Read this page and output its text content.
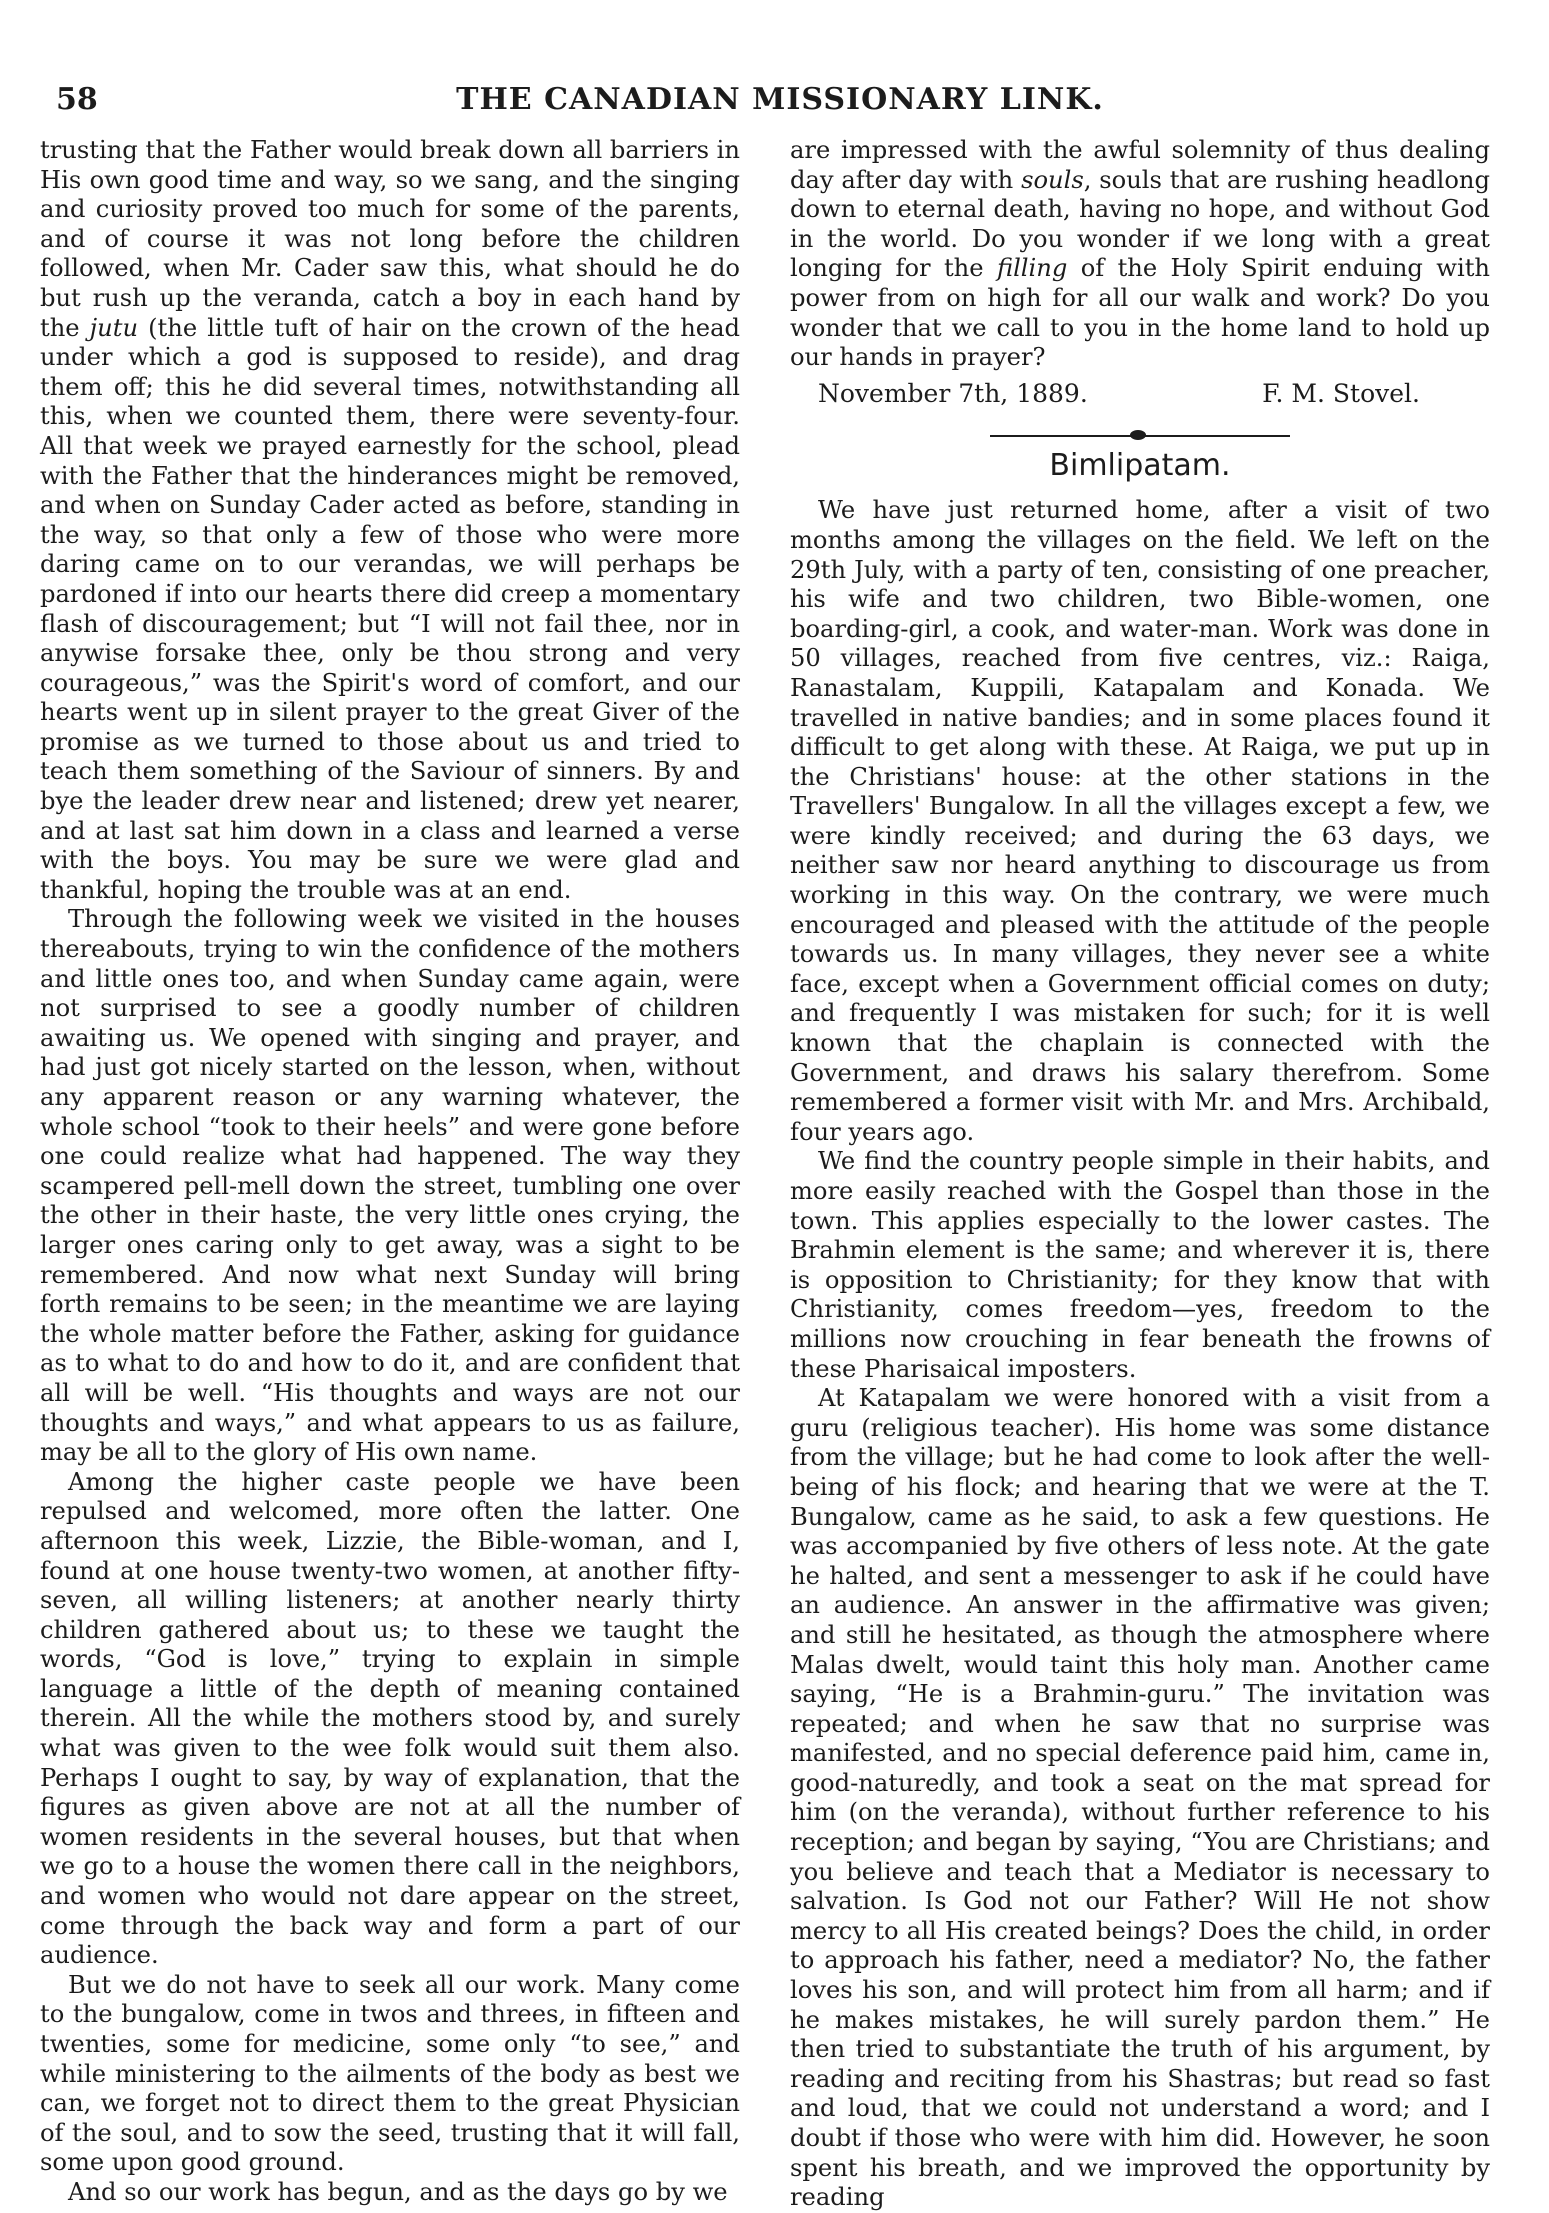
58	THE CANADIAN MISSIONARY LINK.

trusting that the Father would break down all barriers in His own good time and way, so we sang, and the singing and curiosity proved too much for some of the parents, and of course it was not long before the children followed, when Mr. Cader saw this, what should he do but rush up the veranda, catch a boy in each hand by the jutu (the little tuft of hair on the crown of the head under which a god is supposed to reside), and drag them off; this he did several times, notwithstanding all this, when we counted them, there were seventy-four. All that week we prayed earnestly for the school, plead with the Father that the hinderances might be removed, and when on Sunday Cader acted as before, standing in the way, so that only a few of those who were more daring came on to our verandas, we will perhaps be pardoned if into our hearts there did creep a momentary flash of discouragement; but “I will not fail thee, nor in anywise forsake thee, only be thou strong and very courageous,” was the Spirit's word of comfort, and our hearts went up in silent prayer to the great Giver of the promise as we turned to those about us and tried to teach them something of the Saviour of sinners. By and bye the leader drew near and listened; drew yet nearer, and at last sat him down in a class and learned a verse with the boys. You may be sure we were glad and thankful, hoping the trouble was at an end.

Through the following week we visited in the houses thereabouts, trying to win the confidence of the mothers and little ones too, and when Sunday came again, were not surprised to see a goodly number of children awaiting us. We opened with singing and prayer, and had just got nicely started on the lesson, when, without any apparent reason or any warning whatever, the whole school “took to their heels” and were gone before one could realize what had happened. The way they scampered pell-mell down the street, tumbling one over the other in their haste, the very little ones crying, the larger ones caring only to get away, was a sight to be remembered. And now what next Sunday will bring forth remains to be seen; in the meantime we are laying the whole matter before the Father, asking for guidance as to what to do and how to do it, and are confident that all will be well. “His thoughts and ways are not our thoughts and ways,” and what appears to us as failure, may be all to the glory of His own name.

Among the higher caste people we have been repulsed and welcomed, more often the latter. One afternoon this week, Lizzie, the Bible-woman, and I, found at one house twenty-two women, at another fifty-seven, all willing listeners; at another nearly thirty children gathered about us; to these we taught the words, “God is love,” trying to explain in simple language a little of the depth of meaning contained therein. All the while the mothers stood by, and surely what was given to the wee folk would suit them also. Perhaps I ought to say, by way of explanation, that the figures as given above are not at all the number of women residents in the several houses, but that when we go to a house the women there call in the neighbors, and women who would not dare appear on the street, come through the back way and form a part of our audience.

But we do not have to seek all our work. Many come to the bungalow, come in twos and threes, in fifteen and twenties, some for medicine, some only “to see,” and while ministering to the ailments of the body as best we can, we forget not to direct them to the great Physician of the soul, and to sow the seed, trusting that it will fall, some upon good ground.

And so our work has begun, and as the days go by we

are impressed with the awful solemnity of thus dealing day after day with souls, souls that are rushing headlong down to eternal death, having no hope, and without God in the world. Do you wonder if we long with a great longing for the filling of the Holy Spirit enduing with power from on high for all our walk and work? Do you wonder that we call to you in the home land to hold up our hands in prayer?

November 7th, 1889.	F. M. Stovel.
Bimlipatam.

We have just returned home, after a visit of two months among the villages on the field. We left on the 29th July, with a party of ten, consisting of one preacher, his wife and two children, two Bible-women, one boarding-girl, a cook, and water-man. Work was done in 50 villages, reached from five centres, viz.: Raiga, Ranastalam, Kuppili, Katapalam and Konada. We travelled in native bandies; and in some places found it difficult to get along with these. At Raiga, we put up in the Christians' house: at the other stations in the Travellers' Bungalow. In all the villages except a few, we were kindly received; and during the 63 days, we neither saw nor heard anything to discourage us from working in this way. On the contrary, we were much encouraged and pleased with the attitude of the people towards us. In many villages, they never see a white face, except when a Government official comes on duty; and frequently I was mistaken for such; for it is well known that the chaplain is connected with the Government, and draws his salary therefrom. Some remembered a former visit with Mr. and Mrs. Archibald, four years ago.

We find the country people simple in their habits, and more easily reached with the Gospel than those in the town. This applies especially to the lower castes. The Brahmin element is the same; and wherever it is, there is opposition to Christianity; for they know that with Christianity, comes freedom—yes, freedom to the millions now crouching in fear beneath the frowns of these Pharisaical imposters.

At Katapalam we were honored with a visit from a guru (religious teacher). His home was some distance from the village; but he had come to look after the well-being of his flock; and hearing that we were at the T. Bungalow, came as he said, to ask a few questions. He was accompanied by five others of less note. At the gate he halted, and sent a messenger to ask if he could have an audience. An answer in the affirmative was given; and still he hesitated, as though the atmosphere where Malas dwelt, would taint this holy man. Another came saying, “He is a Brahmin-guru.” The invitation was repeated; and when he saw that no surprise was manifested, and no special deference paid him, came in, good-naturedly, and took a seat on the mat spread for him (on the veranda), without further reference to his reception; and began by saying, “You are Christians; and you believe and teach that a Mediator is necessary to salvation. Is God not our Father? Will He not show mercy to all His created beings? Does the child, in order to approach his father, need a mediator? No, the father loves his son, and will protect him from all harm; and if he makes mistakes, he will surely pardon them.” He then tried to substantiate the truth of his argument, by reading and reciting from his Shastras; but read so fast and loud, that we could not understand a word; and I doubt if those who were with him did. However, he soon spent his breath, and we improved the opportunity by reading
